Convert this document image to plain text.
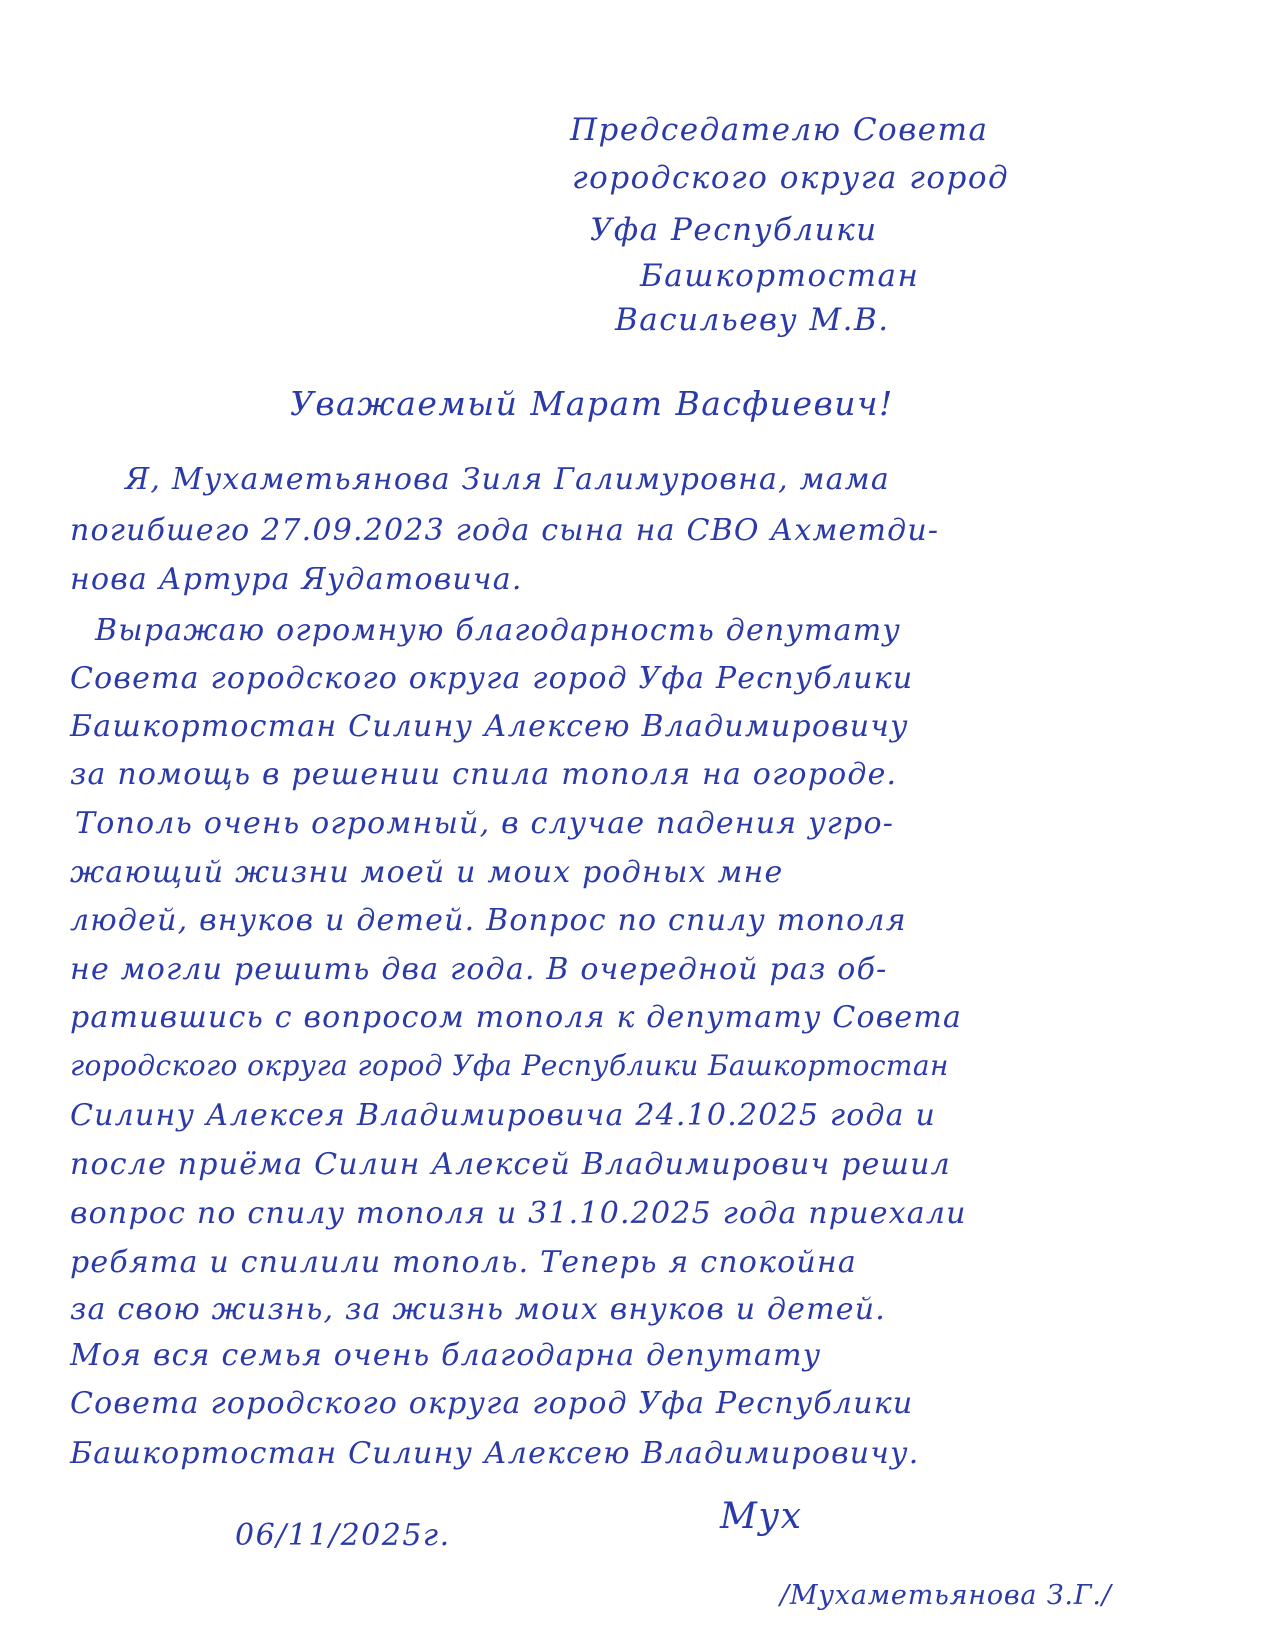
Председателю Совета
городского округа город
Уфа Республики
Башкортостан
Васильеву М.В.
Уважаемый Марат Васфиевич!
Я, Мухаметьянова Зиля Галимуровна, мама
погибшего 27.09.2023 года сына на СВО Ахметди-
нова Артура Яудатовича.
Выражаю огромную благодарность депутату
Совета городского округа город Уфа Республики
Башкортостан Силину Алексею Владимировичу
за помощь в решении спила тополя на огороде.
Тополь очень огромный, в случае падения угро-
жающий жизни моей и моих родных мне
людей, внуков и детей. Вопрос по спилу тополя
не могли решить два года. В очередной раз об-
ратившись с вопросом тополя к депутату Совета
городского округа город Уфа Республики Башкортостан
Силину Алексея Владимировича 24.10.2025 года и
после приёма Силин Алексей Владимирович решил
вопрос по спилу тополя и 31.10.2025 года приехали
ребята и спилили тополь. Теперь я спокойна
за свою жизнь, за жизнь моих внуков и детей.
Моя вся семья очень благодарна депутату
Совета городского округа город Уфа Республики
Башкортостан Силину Алексею Владимировичу.
06/11/2025г.	Мух
/Мухаметьянова З.Г./
